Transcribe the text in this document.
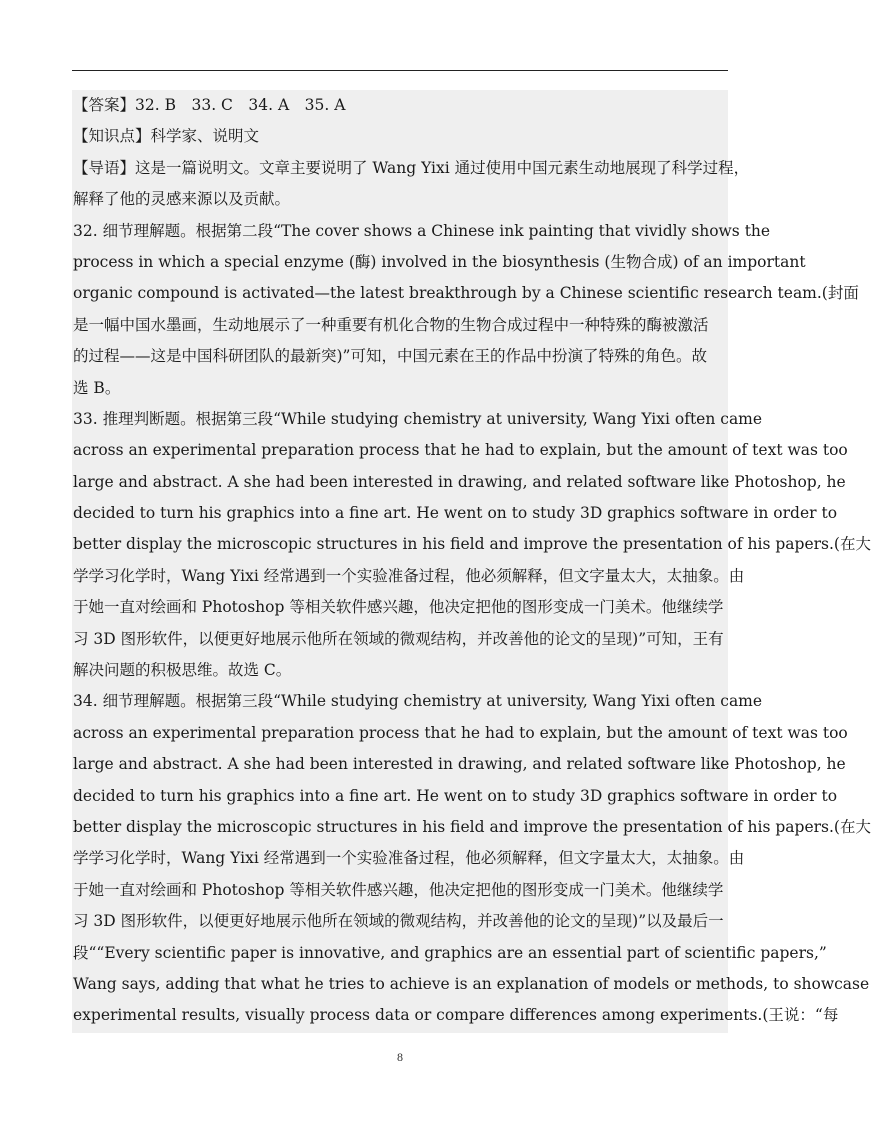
【答案】32. B　33. C　34. A　35. A
【知识点】科学家、说明文
【导语】这是一篇说明文。文章主要说明了 Wang Yixi 通过使用中国元素生动地展现了科学过程，
解释了他的灵感来源以及贡献。
32. 细节理解题。根据第二段“The cover shows a Chinese ink painting that vividly shows the
process in which a special enzyme (酶) involved in the biosynthesis (生物合成) of an important
organic compound is activated—the latest breakthrough by a Chinese scientific research team.(封面
是一幅中国水墨画，生动地展示了一种重要有机化合物的生物合成过程中一种特殊的酶被激活
的过程——这是中国科研团队的最新突)”可知，中国元素在王的作品中扮演了特殊的角色。故
选 B。
33. 推理判断题。根据第三段“While studying chemistry at university, Wang Yixi often came
across an experimental preparation process that he had to explain, but the amount of text was too
large and abstract. A she had been interested in drawing, and related software like Photoshop, he
decided to turn his graphics into a fine art. He went on to study 3D graphics software in order to
better display the microscopic structures in his field and improve the presentation of his papers.(在大
学学习化学时，Wang Yixi 经常遇到一个实验准备过程，他必须解释，但文字量太大，太抽象。由
于她一直对绘画和 Photoshop 等相关软件感兴趣，他决定把他的图形变成一门美术。他继续学
习 3D 图形软件，以便更好地展示他所在领域的微观结构，并改善他的论文的呈现)”可知，王有
解决问题的积极思维。故选 C。
34. 细节理解题。根据第三段“While studying chemistry at university, Wang Yixi often came
across an experimental preparation process that he had to explain, but the amount of text was too
large and abstract. A she had been interested in drawing, and related software like Photoshop, he
decided to turn his graphics into a fine art. He went on to study 3D graphics software in order to
better display the microscopic structures in his field and improve the presentation of his papers.(在大
学学习化学时，Wang Yixi 经常遇到一个实验准备过程，他必须解释，但文字量太大，太抽象。由
于她一直对绘画和 Photoshop 等相关软件感兴趣，他决定把他的图形变成一门美术。他继续学
习 3D 图形软件，以便更好地展示他所在领域的微观结构，并改善他的论文的呈现)”以及最后一
段““Every scientific paper is innovative, and graphics are an essential part of scientific papers,”
Wang says, adding that what he tries to achieve is an explanation of models or methods, to showcase
experimental results, visually process data or compare differences among experiments.(王说：“每
8
